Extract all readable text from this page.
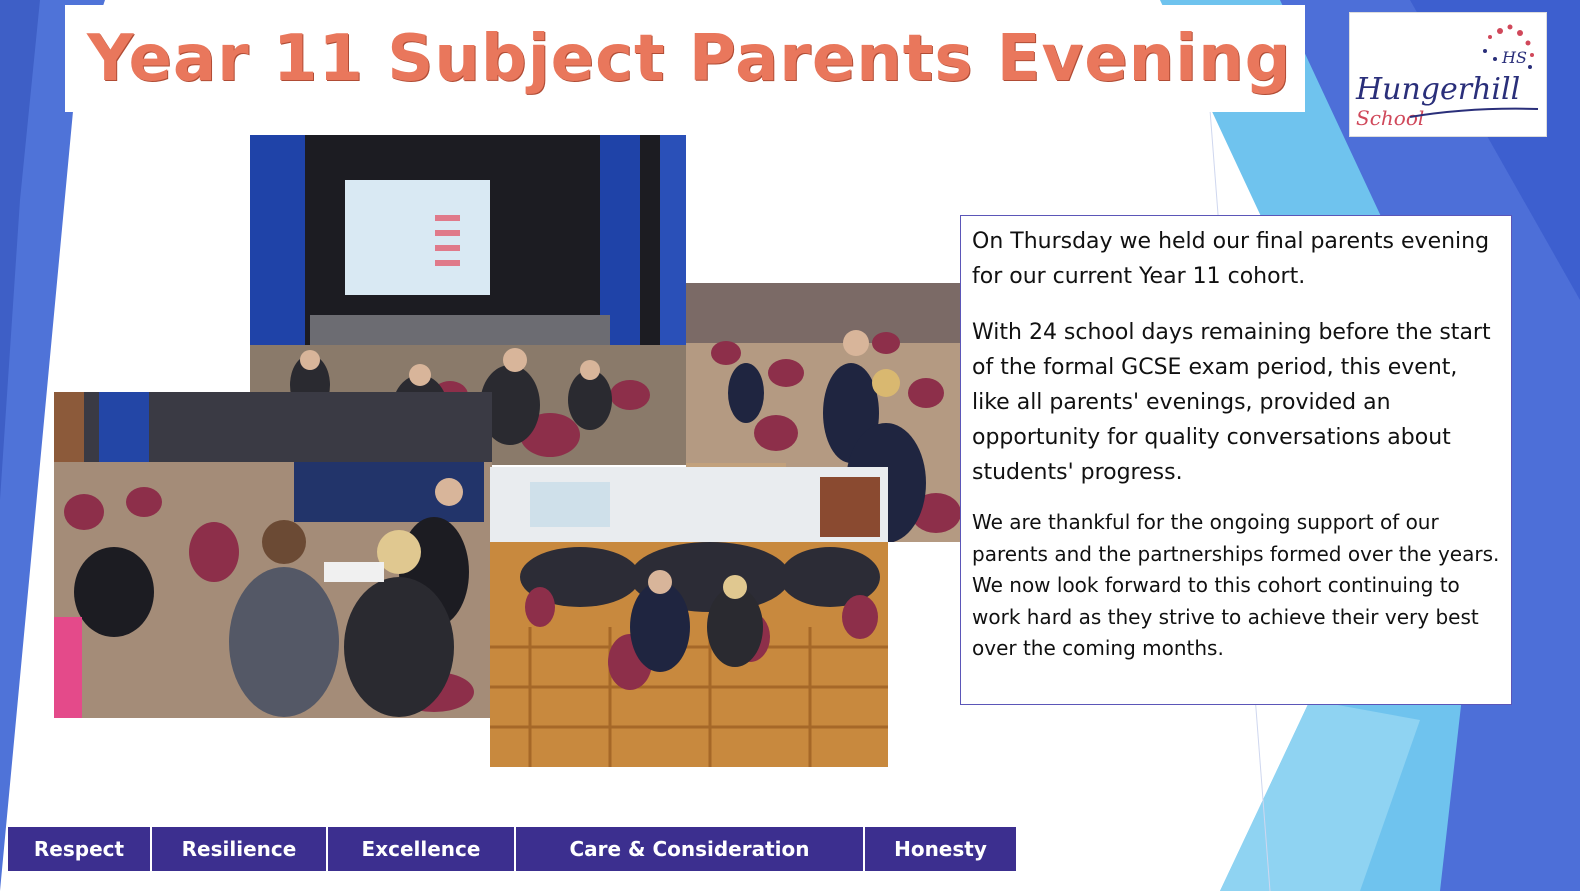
Year 11 Subject Parents Evening	HS
Hungerhill
School

On Thursday we held our final parents evening for our current Year 11 cohort.

With 24 school days remaining before the start of the formal GCSE exam period, this event, like all parents' evenings, provided an opportunity for quality conversations about students' progress.

We are thankful for the ongoing support of our parents and the partnerships formed over the years. We now look forward to this cohort continuing to work hard as they strive to achieve their very best over the coming months.

Respect	Resilience	Excellence	Care & Consideration	Honesty
